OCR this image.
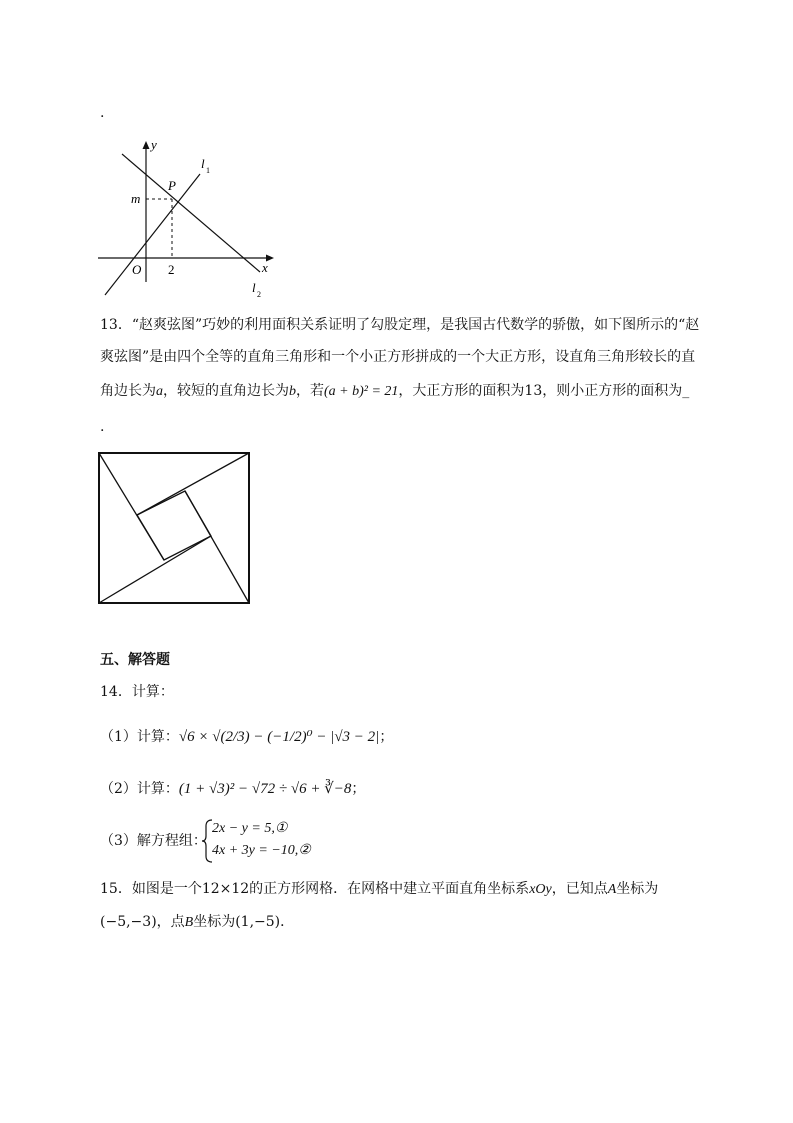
.
y
x
O 2
m
P
l 1
l 2
13．“赵爽弦图”巧妙的利用面积关系证明了勾股定理，是我国古代数学的骄傲，如下图所示的“赵
爽弦图”是由四个全等的直角三角形和一个小正方形拼成的一个大正方形，设直角三角形较长的直
角边长为a，较短的直角边长为b，若(a + b)² = 21，大正方形的面积为13，则小正方形的面积为_
.
五、解答题
14．计算：
（1）计算：√6 × √(2/3) − (−1/2)⁰ − |√3 − 2|；
（2）计算：(1 + √3)² − √72 ÷ √6 + ∛−8；
（3）解方程组：
2x − y = 5,①
4x + 3y = −10,②
15．如图是一个12×12的正方形网格．在网格中建立平面直角坐标系xOy，已知点A坐标为
(−5,−3)，点B坐标为(1,−5)．
